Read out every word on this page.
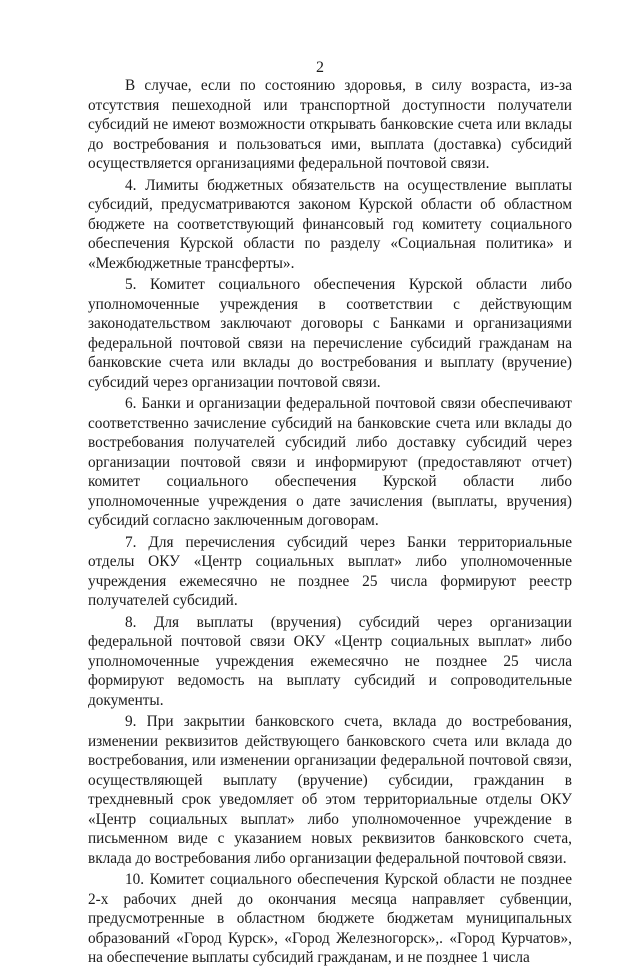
2

В случае, если по состоянию здоровья, в силу возраста, из-за отсутствия пешеходной или транспортной доступности получатели субсидий не имеют возможности открывать банковские счета или вклады до востребования и пользоваться ими, выплата (доставка) субсидий осуществляется организациями федеральной почтовой связи.

4. Лимиты бюджетных обязательств на осуществление выплаты субсидий, предусматриваются законом Курской области об областном бюджете на соответствующий финансовый год комитету социального обеспечения Курской области по разделу «Социальная политика» и «Межбюджетные трансферты».

5. Комитет социального обеспечения Курской области либо уполномоченные учреждения в соответствии с действующим законодательством заключают договоры с Банками и организациями федеральной почтовой связи на перечисление субсидий гражданам на банковские счета или вклады до востребования и выплату (вручение) субсидий через организации почтовой связи.

6. Банки и организации федеральной почтовой связи обеспечивают соответственно зачисление субсидий на банковские счета или вклады до востребования получателей субсидий либо доставку субсидий через организации почтовой связи и информируют (предоставляют отчет) комитет социального обеспечения Курской области либо уполномоченные учреждения о дате зачисления (выплаты, вручения) субсидий согласно заключенным договорам.

7. Для перечисления субсидий через Банки территориальные отделы ОКУ «Центр социальных выплат» либо уполномоченные учреждения ежемесячно не позднее 25 числа формируют реестр получателей субсидий.

8. Для выплаты (вручения) субсидий через организации федеральной почтовой связи ОКУ «Центр социальных выплат» либо уполномоченные учреждения ежемесячно не позднее 25 числа формируют ведомость на выплату субсидий и сопроводительные документы.

9. При закрытии банковского счета, вклада до востребования, изменении реквизитов действующего банковского счета или вклада до востребования, или изменении организации федеральной почтовой связи, осуществляющей выплату (вручение) субсидии, гражданин в трехдневный срок уведомляет об этом территориальные отделы ОКУ «Центр социальных выплат» либо уполномоченное учреждение в письменном виде с указанием новых реквизитов банковского счета, вклада до востребования либо организации федеральной почтовой связи.

10. Комитет социального обеспечения Курской области не позднее 2-х рабочих дней до окончания месяца направляет субвенции, предусмотренные в областном бюджете бюджетам муниципальных образований «Город Курск», «Город Железногорск»,. «Город Курчатов», на обеспечение выплаты субсидий гражданам, и не позднее 1 числа
